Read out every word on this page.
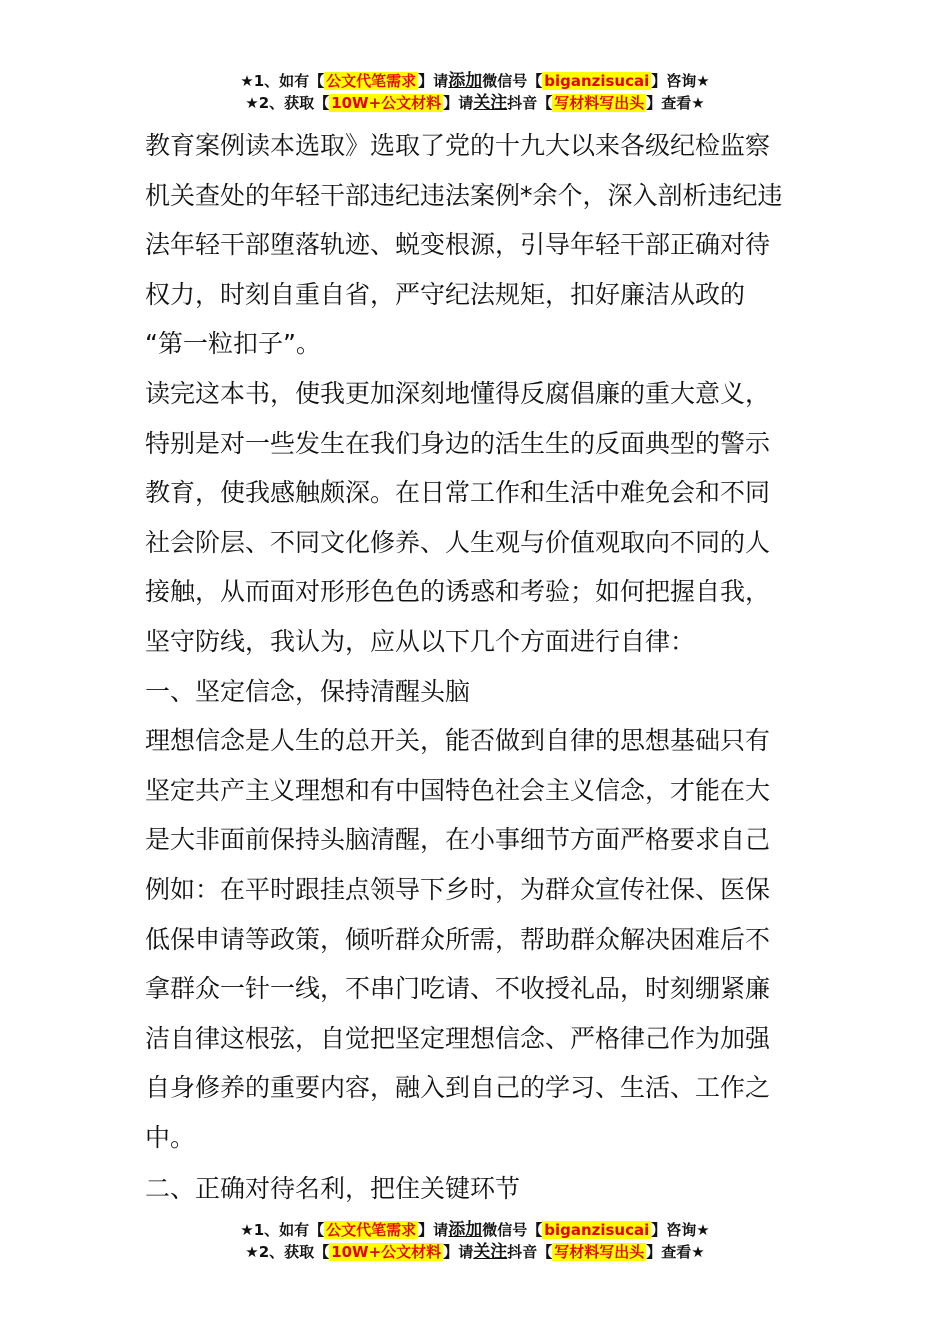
★1、如有【 公文代笔需求 】请添加微信号【 biganzisucai 】咨询★
★2、获取【 10W+公文材料 】请关注抖音【 写材料写出头 】查看★

教育案例读本选取》选取了党的十九大以来各级纪检监察

机关查处的年轻干部违纪违法案例*余个，深入剖析违纪违

法年轻干部堕落轨迹、蜕变根源，引导年轻干部正确对待

权力，时刻自重自省，严守纪法规矩，扣好廉洁从政的

“第一粒扣子”。

读完这本书，使我更加深刻地懂得反腐倡廉的重大意义，

特别是对一些发生在我们身边的活生生的反面典型的警示

教育，使我感触颇深。在日常工作和生活中难免会和不同

社会阶层、不同文化修养、人生观与价值观取向不同的人

接触，从而面对形形色色的诱惑和考验；如何把握自我，

坚守防线，我认为，应从以下几个方面进行自律：

一、坚定信念，保持清醒头脑

理想信念是人生的总开关，能否做到自律的思想基础只有

坚定共产主义理想和有中国特色社会主义信念，才能在大

是大非面前保持头脑清醒，在小事细节方面严格要求自己

例如：在平时跟挂点领导下乡时，为群众宣传社保、医保

低保申请等政策，倾听群众所需，帮助群众解决困难后不

拿群众一针一线，不串门吃请、不收授礼品，时刻绷紧廉

洁自律这根弦，自觉把坚定理想信念、严格律己作为加强

自身修养的重要内容，融入到自己的学习、生活、工作之

中。

二、正确对待名利，把住关键环节

★1、如有【 公文代笔需求 】请添加微信号【 biganzisucai 】咨询★
★2、获取【 10W+公文材料 】请关注抖音【 写材料写出头 】查看★
